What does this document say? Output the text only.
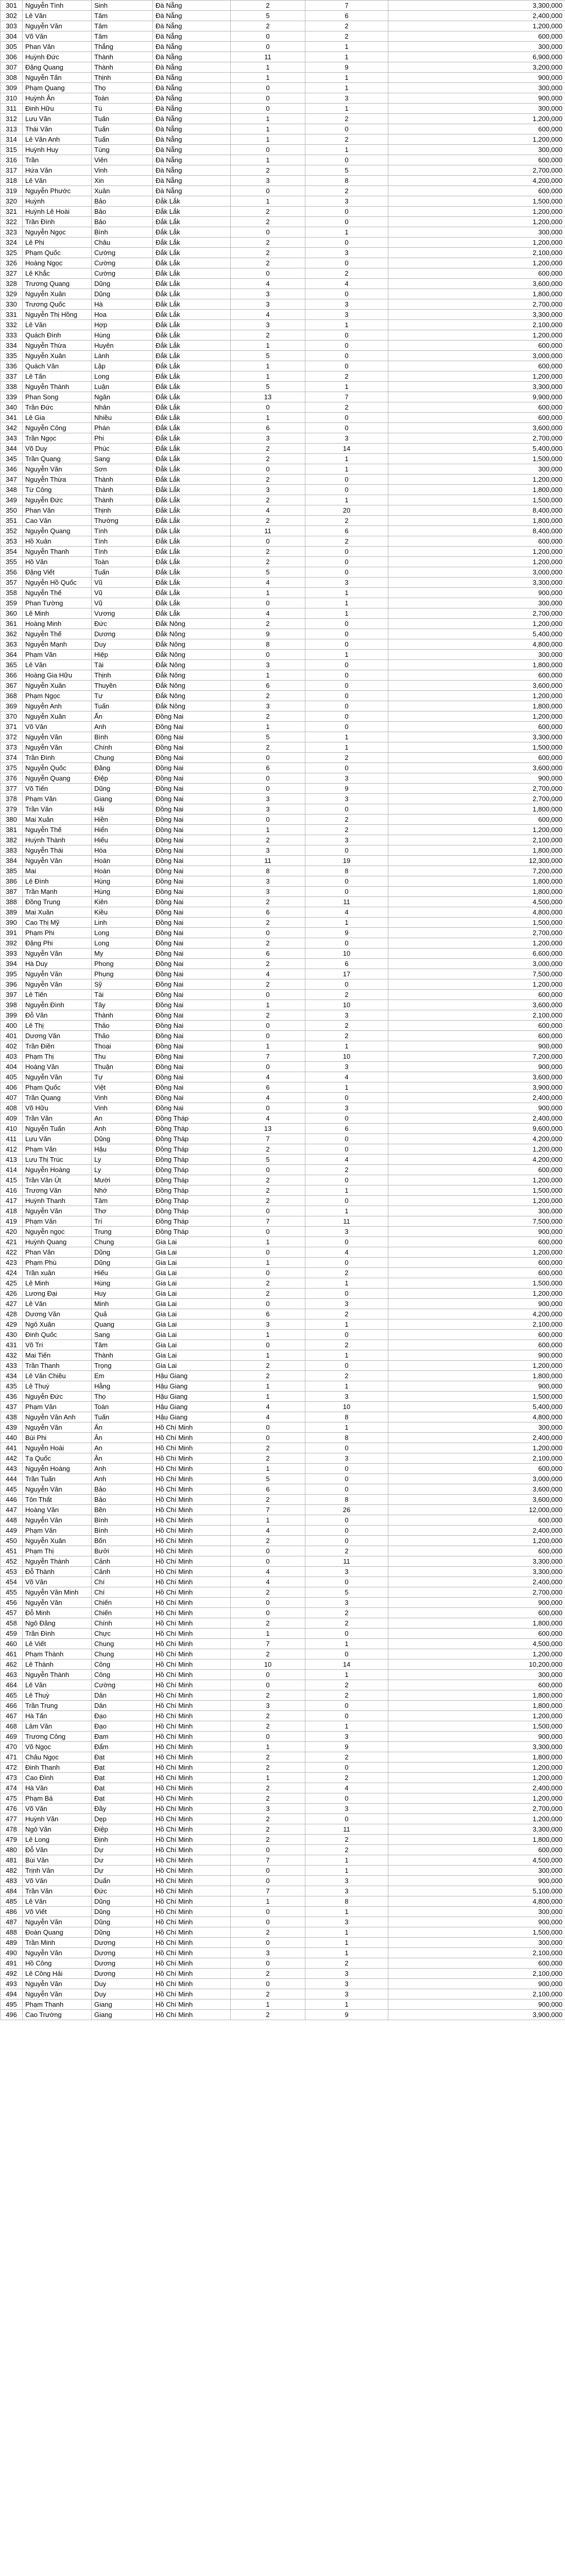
301	Nguyễn Tình	Sinh	Đà Nẵng	2	7	3,300,000
302	Lê Văn	Tâm	Đà Nẵng	5	6	2,400,000
303	Nguyễn Văn	Tâm	Đà Nẵng	2	2	1,200,000
304	Võ Văn	Tâm	Đà Nẵng	0	2	600,000
305	Phan Văn	Thắng	Đà Nẵng	0	1	300,000
306	Huỳnh Đức	Thành	Đà Nẵng	11	1	6,900,000
307	Đặng Quang	Thành	Đà Nẵng	1	9	3,200,000
308	Nguyễn Tấn	Thịnh	Đà Nẵng	1	1	900,000
309	Phạm Quang	Thọ	Đà Nẵng	0	1	300,000
310	Huỳnh Ân	Toàn	Đà Nẵng	0	3	900,000
311	Đinh Hữu	Tú	Đà Nẵng	0	1	300,000
312	Lưu Văn	Tuấn	Đà Nẵng	1	2	1,200,000
313	Thái Văn	Tuấn	Đà Nẵng	1	0	600,000
314	Lê Văn Anh	Tuấn	Đà Nẵng	1	2	1,200,000
315	Huỳnh Huy	Tùng	Đà Nẵng	0	1	300,000
316	Trần	Viên	Đà Nẵng	1	0	600,000
317	Hứa Văn	Vinh	Đà Nẵng	2	5	2,700,000
318	Lê Văn	Xin	Đà Nẵng	3	8	4,200,000
319	Nguyễn Phước	Xuân	Đà Nẵng	0	2	600,000
320	Huỳnh	Bảo	Đắk Lắk	1	3	1,500,000
321	Huỳnh Lê Hoài	Bảo	Đắk Lắk	2	0	1,200,000
322	Trần Đình	Bảo	Đắk Lắk	2	0	1,200,000
323	Nguyễn Ngọc	Bình	Đắk Lắk	0	1	300,000
324	Lê Phi	Châu	Đắk Lắk	2	0	1,200,000
325	Phạm Quốc	Cường	Đắk Lắk	2	3	2,100,000
326	Hoàng Ngọc	Cường	Đắk Lắk	2	0	1,200,000
327	Lê Khắc	Cường	Đắk Lắk	0	2	600,000
328	Trương Quang	Dũng	Đắk Lắk	4	4	3,600,000
329	Nguyễn Xuân	Dũng	Đắk Lắk	3	0	1,800,000
330	Trương Quốc	Hà	Đắk Lắk	3	3	2,700,000
331	Nguyễn Thị Hồng	Hoa	Đắk Lắk	4	3	3,300,000
332	Lê Văn	Hợp	Đắk Lắk	3	1	2,100,000
333	Quách Đình	Hùng	Đắk Lắk	2	0	1,200,000
334	Nguyễn Thừa	Huyên	Đắk Lắk	1	0	600,000
335	Nguyễn Xuân	Lành	Đắk Lắk	5	0	3,000,000
336	Quách Văn	Lập	Đắk Lắk	1	0	600,000
337	Lê Tấn	Long	Đắk Lắk	1	2	1,200,000
338	Nguyễn Thành	Luận	Đắk Lắk	5	1	3,300,000
339	Phan Song	Ngân	Đắk Lắk	13	7	9,900,000
340	Trần Đức	Nhân	Đắk Lắk	0	2	600,000
341	Lê Gia	Nhiều	Đắk Lắk	1	0	600,000
342	Nguyễn Công	Phán	Đắk Lắk	6	0	3,600,000
343	Trần Ngọc	Phi	Đắk Lắk	3	3	2,700,000
344	Võ Duy	Phúc	Đắk Lắk	2	14	5,400,000
345	Trần Quang	Sang	Đắk Lắk	2	1	1,500,000
346	Nguyễn Văn	Sơn	Đắk Lắk	0	1	300,000
347	Nguyễn Thừa	Thành	Đắk Lắk	2	0	1,200,000
348	Từ Công	Thành	Đắk Lắk	3	0	1,800,000
349	Nguyễn Đức	Thành	Đắk Lắk	2	1	1,500,000
350	Phan Văn	Thịnh	Đắk Lắk	4	20	8,400,000
351	Cao Văn	Thường	Đắk Lắk	2	2	1,800,000
352	Nguyễn Quang	Tình	Đắk Lắk	11	6	8,400,000
353	Hồ Xuân	Tính	Đắk Lắk	0	2	600,000
354	Nguyễn Thanh	Tính	Đắk Lắk	2	0	1,200,000
355	Hồ Văn	Toàn	Đắk Lắk	2	0	1,200,000
356	Đặng Viết	Tuấn	Đắk Lắk	5	0	3,000,000
357	Nguyễn Hồ Quốc	Vũ	Đắk Lắk	4	3	3,300,000
358	Nguyễn Thế	Vũ	Đắk Lắk	1	1	900,000
359	Phan Tường	Vũ	Đắk Lắk	0	1	300,000
360	Lê Minh	Vương	Đắk Lắk	4	1	2,700,000
361	Hoàng Minh	Đức	Đắk Nông	2	0	1,200,000
362	Nguyễn Thế	Dương	Đắk Nông	9	0	5,400,000
363	Nguyễn Mạnh	Duy	Đắk Nông	8	0	4,800,000
364	Phạm Văn	Hiệp	Đắk Nông	0	1	300,000
365	Lê Văn	Tài	Đắk Nông	3	0	1,800,000
366	Hoàng Gia Hữu	Thịnh	Đắk Nông	1	0	600,000
367	Nguyễn Xuân	Thuyền	Đắk Nông	6	0	3,600,000
368	Phạm Ngọc	Tư	Đắk Nông	2	0	1,200,000
369	Nguyễn Anh	Tuấn	Đắk Nông	3	0	1,800,000
370	Nguyễn Xuân	Ấn	Đồng Nai	2	0	1,200,000
371	Võ Văn	Anh	Đồng Nai	1	0	600,000
372	Nguyễn Văn	Bình	Đồng Nai	5	1	3,300,000
373	Nguyễn Văn	Chính	Đồng Nai	2	1	1,500,000
374	Trần Đình	Chung	Đồng Nai	0	2	600,000
375	Nguyễn Quốc	Đăng	Đồng Nai	6	0	3,600,000
376	Nguyễn Quang	Điệp	Đồng Nai	0	3	900,000
377	Võ Tiến	Dũng	Đồng Nai	0	9	2,700,000
378	Phạm Văn	Giang	Đồng Nai	3	3	2,700,000
379	Trần Văn	Hải	Đồng Nai	3	0	1,800,000
380	Mai Xuân	Hiền	Đồng Nai	0	2	600,000
381	Nguyễn Thế	Hiển	Đồng Nai	1	2	1,200,000
382	Huỳnh Thành	Hiếu	Đồng Nai	2	3	2,100,000
383	Nguyễn Thái	Hòa	Đồng Nai	3	0	1,800,000
384	Nguyễn Văn	Hoàn	Đồng Nai	11	19	12,300,000
385	Mai	Hoàn	Đồng Nai	8	8	7,200,000
386	Lê Đình	Hùng	Đồng Nai	3	0	1,800,000
387	Trần Mạnh	Hùng	Đồng Nai	3	0	1,800,000
388	Đồng Trung	Kiên	Đồng Nai	2	11	4,500,000
389	Mai Xuân	Kiều	Đồng Nai	6	4	4,800,000
390	Cao Thị Mỹ	Linh	Đồng Nai	2	1	1,500,000
391	Phạm Phi	Long	Đồng Nai	0	9	2,700,000
392	Đặng Phi	Long	Đồng Nai	2	0	1,200,000
393	Nguyễn Văn	My	Đồng Nai	6	10	6,600,000
394	Hà Duy	Phong	Đồng Nai	2	6	3,000,000
395	Nguyễn Văn	Phụng	Đồng Nai	4	17	7,500,000
396	Nguyễn Văn	Sỹ	Đồng Nai	2	0	1,200,000
397	Lê Tiến	Tài	Đồng Nai	0	2	600,000
398	Nguyễn Đình	Tây	Đồng Nai	1	10	3,600,000
399	Đỗ Văn	Thành	Đồng Nai	2	3	2,100,000
400	Lê Thị	Thảo	Đồng Nai	0	2	600,000
401	Dương Văn	Thảo	Đồng Nai	0	2	600,000
402	Trần Điền	Thoại	Đồng Nai	1	1	900,000
403	Phạm Thị	Thu	Đồng Nai	7	10	7,200,000
404	Hoàng Văn	Thuận	Đồng Nai	0	3	900,000
405	Nguyễn Văn	Tự	Đồng Nai	4	4	3,600,000
406	Phạm Quốc	Việt	Đồng Nai	6	1	3,900,000
407	Trần Quang	Vinh	Đồng Nai	4	0	2,400,000
408	Võ Hữu	Vinh	Đồng Nai	0	3	900,000
409	Trần Văn	An	Đồng Tháp	4	0	2,400,000
410	Nguyễn Tuấn	Anh	Đồng Tháp	13	6	9,600,000
411	Lưu Văn	Dũng	Đồng Tháp	7	0	4,200,000
412	Phạm Văn	Hậu	Đồng Tháp	2	0	1,200,000
413	Lưu Thị Trúc	Ly	Đồng Tháp	5	4	4,200,000
414	Nguyễn Hoàng	Ly	Đồng Tháp	0	2	600,000
415	Trần Văn Út	Mười	Đồng Tháp	2	0	1,200,000
416	Trương Văn	Nhớ	Đồng Tháp	2	1	1,500,000
417	Huỳnh Thanh	Tâm	Đồng Tháp	2	0	1,200,000
418	Nguyễn Văn	Thơ	Đồng Tháp	0	1	300,000
419	Phạm Văn	Trí	Đồng Tháp	7	11	7,500,000
420	Nguyễn ngọc	Trung	Đồng Tháp	0	3	900,000
421	Huỳnh Quang	Chung	Gia Lai	1	0	600,000
422	Phan Văn	Dũng	Gia Lai	0	4	1,200,000
423	Phạm Phú	Dũng	Gia Lai	1	0	600,000
424	Trần xuân	Hiếu	Gia Lai	0	2	600,000
425	Lê Minh	Hùng	Gia Lai	2	1	1,500,000
426	Lương Đại	Huy	Gia Lai	2	0	1,200,000
427	Lê Văn	Minh	Gia Lai	0	3	900,000
428	Dương Văn	Quả	Gia Lai	6	2	4,200,000
429	Ngô Xuân	Quang	Gia Lai	3	1	2,100,000
430	Đinh Quốc	Sang	Gia Lai	1	0	600,000
431	Võ Trí	Tâm	Gia Lai	0	2	600,000
432	Mai Tiến	Thành	Gia Lai	1	1	900,000
433	Trần Thanh	Trọng	Gia Lai	2	0	1,200,000
434	Lê Văn Chiều	Em	Hậu Giang	2	2	1,800,000
435	Lê Thuý	Hằng	Hậu Giang	1	1	900,000
436	Nguyễn Đức	Thọ	Hậu Giang	1	3	1,500,000
437	Phạm Văn	Toàn	Hậu Giang	4	10	5,400,000
438	Nguyễn Văn Anh	Tuấn	Hậu Giang	4	8	4,800,000
439	Nguyễn Văn	Ẩn	Hồ Chí Minh	0	1	300,000
440	Bùi Phi	Ân	Hồ Chí Minh	0	8	2,400,000
441	Nguyễn Hoài	An	Hồ Chí Minh	2	0	1,200,000
442	Tạ Quốc	Ân	Hồ Chí Minh	2	3	2,100,000
443	Nguyễn Hoàng	Anh	Hồ Chí Minh	1	0	600,000
444	Trần Tuấn	Anh	Hồ Chí Minh	5	0	3,000,000
445	Nguyễn Văn	Bảo	Hồ Chí Minh	6	0	3,600,000
446	Tôn Thất	Bảo	Hồ Chí Minh	2	8	3,600,000
447	Hoàng Văn	Bền	Hồ Chí Minh	7	26	12,000,000
448	Nguyễn Văn	Bình	Hồ Chí Minh	1	0	600,000
449	Phạm Văn	Bình	Hồ Chí Minh	4	0	2,400,000
450	Nguyễn Xuân	Bốn	Hồ Chí Minh	2	0	1,200,000
451	Phạm Thị	Bưởi	Hồ Chí Minh	0	2	600,000
452	Nguyễn Thành	Cảnh	Hồ Chí Minh	0	11	3,300,000
453	Đỗ Thành	Cảnh	Hồ Chí Minh	4	3	3,300,000
454	Võ Văn	Chí	Hồ Chí Minh	4	0	2,400,000
455	Nguyễn Văn Minh	Chí	Hồ Chí Minh	2	5	2,700,000
456	Nguyễn Văn	Chiến	Hồ Chí Minh	0	3	900,000
457	Đỗ Minh	Chiến	Hồ Chí Minh	0	2	600,000
458	Ngô Đăng	Chính	Hồ Chí Minh	2	2	1,800,000
459	Trần Đình	Chực	Hồ Chí Minh	1	0	600,000
460	Lê Viết	Chung	Hồ Chí Minh	7	1	4,500,000
461	Phạm Thành	Chung	Hồ Chí Minh	2	0	1,200,000
462	Lê Thành	Công	Hồ Chí Minh	10	14	10,200,000
463	Nguyễn Thành	Công	Hồ Chí Minh	0	1	300,000
464	Lê Văn	Cường	Hồ Chí Minh	0	2	600,000
465	Lê Thuỳ	Dân	Hồ Chí Minh	2	2	1,800,000
466	Trần Trung	Dân	Hồ Chí Minh	3	0	1,800,000
467	Hà Tấn	Đạo	Hồ Chí Minh	2	0	1,200,000
468	Lâm Văn	Đạo	Hồ Chí Minh	2	1	1,500,000
469	Trương Công	Đam	Hồ Chí Minh	0	3	900,000
470	Võ Ngọc	Đẩm	Hồ Chí Minh	1	9	3,300,000
471	Châu Ngọc	Đạt	Hồ Chí Minh	2	2	1,800,000
472	Đinh Thanh	Đạt	Hồ Chí Minh	2	0	1,200,000
473	Cao Đình	Đạt	Hồ Chí Minh	1	2	1,200,000
474	Hà Văn	Đạt	Hồ Chí Minh	2	4	2,400,000
475	Phạm Bá	Đạt	Hồ Chí Minh	2	0	1,200,000
476	Võ Văn	Đầy	Hồ Chí Minh	3	3	2,700,000
477	Huỳnh Văn	Dẹp	Hồ Chí Minh	2	0	1,200,000
478	Ngô Văn	Điệp	Hồ Chí Minh	2	11	3,300,000
479	Lê Long	Định	Hồ Chí Minh	2	2	1,800,000
480	Đỗ Văn	Dự	Hồ Chí Minh	0	2	600,000
481	Bùi Văn	Dư	Hồ Chí Minh	7	1	4,500,000
482	Trịnh Văn	Dự	Hồ Chí Minh	0	1	300,000
483	Võ Văn	Duẩn	Hồ Chí Minh	0	3	900,000
484	Trần Văn	Đức	Hồ Chí Minh	7	3	5,100,000
485	Lê Văn	Dũng	Hồ Chí Minh	1	8	4,800,000
486	Võ Viết	Dũng	Hồ Chí Minh	0	1	300,000
487	Nguyễn Văn	Dũng	Hồ Chí Minh	0	3	900,000
488	Đoàn Quang	Dũng	Hồ Chí Minh	2	1	1,500,000
489	Trần Minh	Dương	Hồ Chí Minh	0	1	300,000
490	Nguyễn Văn	Dương	Hồ Chí Minh	3	1	2,100,000
491	Hồ Công	Dương	Hồ Chí Minh	0	2	600,000
492	Lê Công Hải	Dương	Hồ Chí Minh	2	3	2,100,000
493	Nguyễn Văn	Duy	Hồ Chí Minh	0	3	900,000
494	Nguyễn Văn	Duy	Hồ Chí Minh	2	3	2,100,000
495	Phạm Thanh	Giang	Hồ Chí Minh	1	1	900,000
496	Cao Trường	Giang	Hồ Chí Minh	2	9	3,900,000
